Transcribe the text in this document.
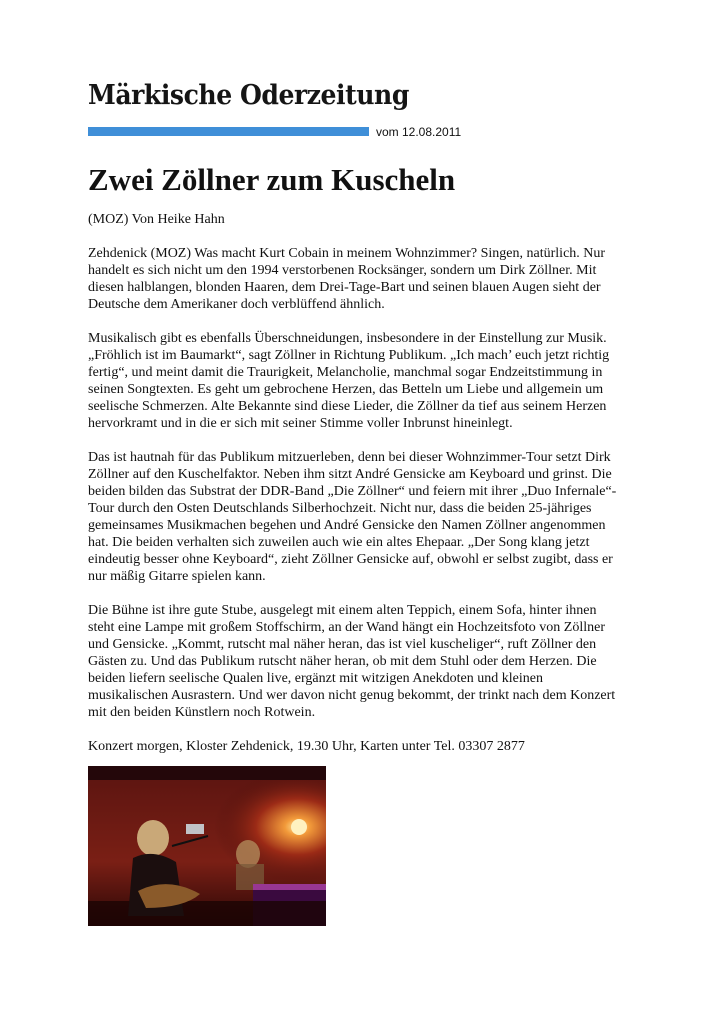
Märkische Oderzeitung
vom 12.08.2011
Zwei Zöllner zum Kuscheln
(MOZ) Von Heike Hahn

Zehdenick (MOZ) Was macht Kurt Cobain in meinem Wohnzimmer? Singen, natürlich. Nur
handelt es sich nicht um den 1994 verstorbenen Rocksänger, sondern um Dirk Zöllner. Mit
diesen halblangen, blonden Haaren, dem Drei-Tage-Bart und seinen blauen Augen sieht der
Deutsche dem Amerikaner doch verblüffend ähnlich.

Musikalisch gibt es ebenfalls Überschneidungen, insbesondere in der Einstellung zur Musik.
„Fröhlich ist im Baumarkt“, sagt Zöllner in Richtung Publikum. „Ich mach’ euch jetzt richtig
fertig“, und meint damit die Traurigkeit, Melancholie, manchmal sogar Endzeitstimmung in
seinen Songtexten. Es geht um gebrochene Herzen, das Betteln um Liebe und allgemein um
seelische Schmerzen. Alte Bekannte sind diese Lieder, die Zöllner da tief aus seinem Herzen
hervorkramt und in die er sich mit seiner Stimme voller Inbrunst hineinlegt.

Das ist hautnah für das Publikum mitzuerleben, denn bei dieser Wohnzimmer-Tour setzt Dirk
Zöllner auf den Kuschelfaktor. Neben ihm sitzt André Gensicke am Keyboard und grinst. Die
beiden bilden das Substrat der DDR-Band „Die Zöllner“ und feiern mit ihrer „Duo Infernale“-
Tour durch den Osten Deutschlands Silberhochzeit. Nicht nur, dass die beiden 25-jähriges
gemeinsames Musikmachen begehen und André Gensicke den Namen Zöllner angenommen
hat. Die beiden verhalten sich zuweilen auch wie ein altes Ehepaar. „Der Song klang jetzt
eindeutig besser ohne Keyboard“, zieht Zöllner Gensicke auf, obwohl er selbst zugibt, dass er
nur mäßig Gitarre spielen kann.

Die Bühne ist ihre gute Stube, ausgelegt mit einem alten Teppich, einem Sofa, hinter ihnen
steht eine Lampe mit großem Stoffschirm, an der Wand hängt ein Hochzeitsfoto von Zöllner
und Gensicke. „Kommt, rutscht mal näher heran, das ist viel kuscheliger“, ruft Zöllner den
Gästen zu. Und das Publikum rutscht näher heran, ob mit dem Stuhl oder dem Herzen. Die
beiden liefern seelische Qualen live, ergänzt mit witzigen Anekdoten und kleinen
musikalischen Ausrastern. Und wer davon nicht genug bekommt, der trinkt nach dem Konzert
mit den beiden Künstlern noch Rotwein.

Konzert morgen, Kloster Zehdenick, 19.30 Uhr, Karten unter Tel. 03307 2877
